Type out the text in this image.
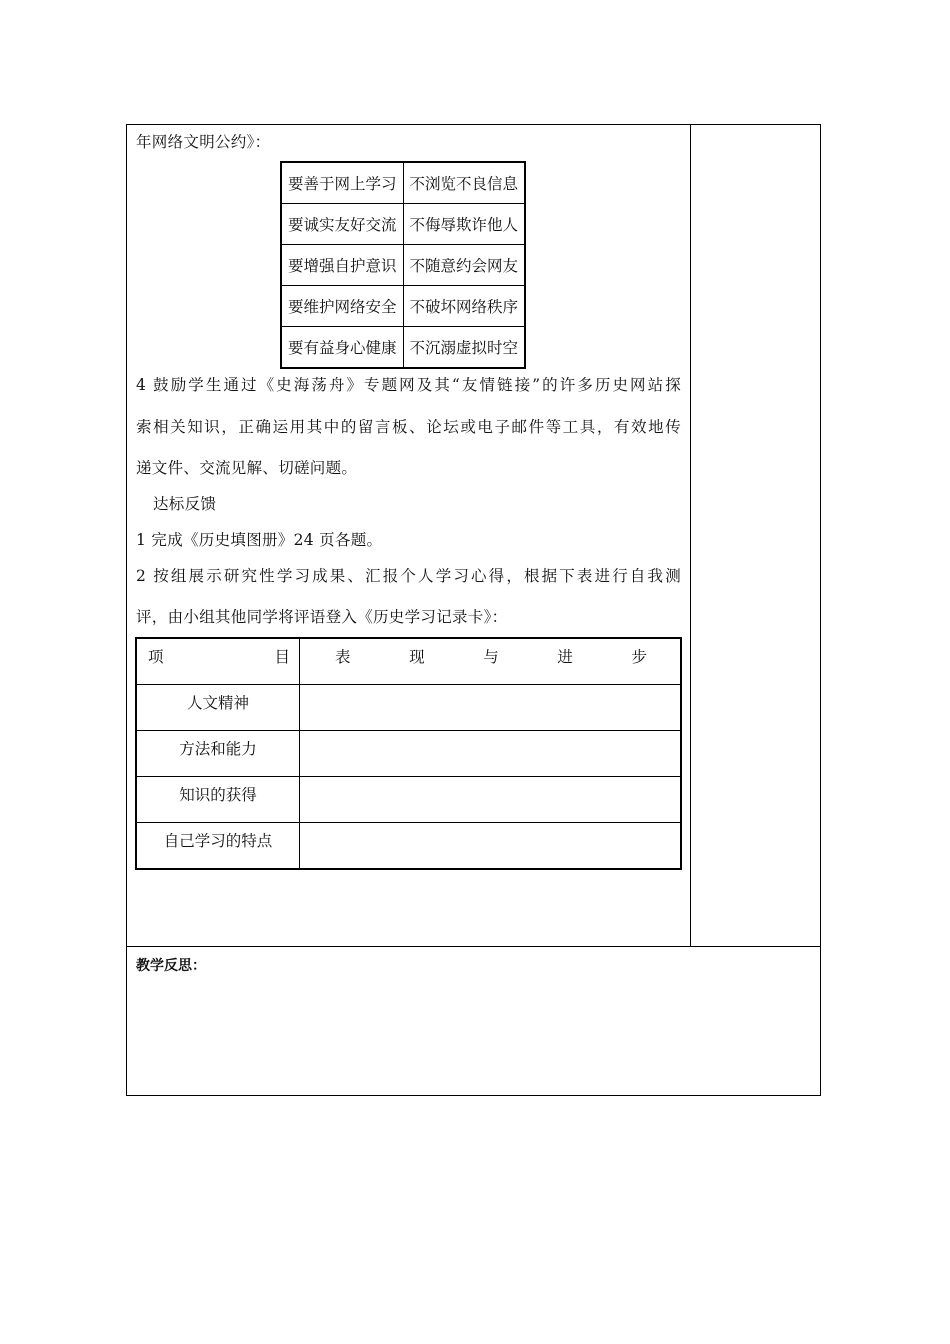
年网络文明公约》：
要善于网上学习	不浏览不良信息
要诚实友好交流	不侮辱欺诈他人
要增强自护意识	不随意约会网友
要维护网络安全	不破坏网络秩序
要有益身心健康	不沉溺虚拟时空
4 鼓励学生通过《史海荡舟》专题网及其“友情链接”的许多历史网站探
索相关知识，正确运用其中的留言板、论坛或电子邮件等工具，有效地传
递文件、交流见解、切磋问题。
达标反馈
1 完成《历史填图册》24 页各题。
2 按组展示研究性学习成果、汇报个人学习心得，根据下表进行自我测
评，由小组其他同学将评语登入《历史学习记录卡》：
项 目	表 现 与 进 步

人文精神	
方法和能力	
知识的获得	
自己学习的特点	
教学反思：
